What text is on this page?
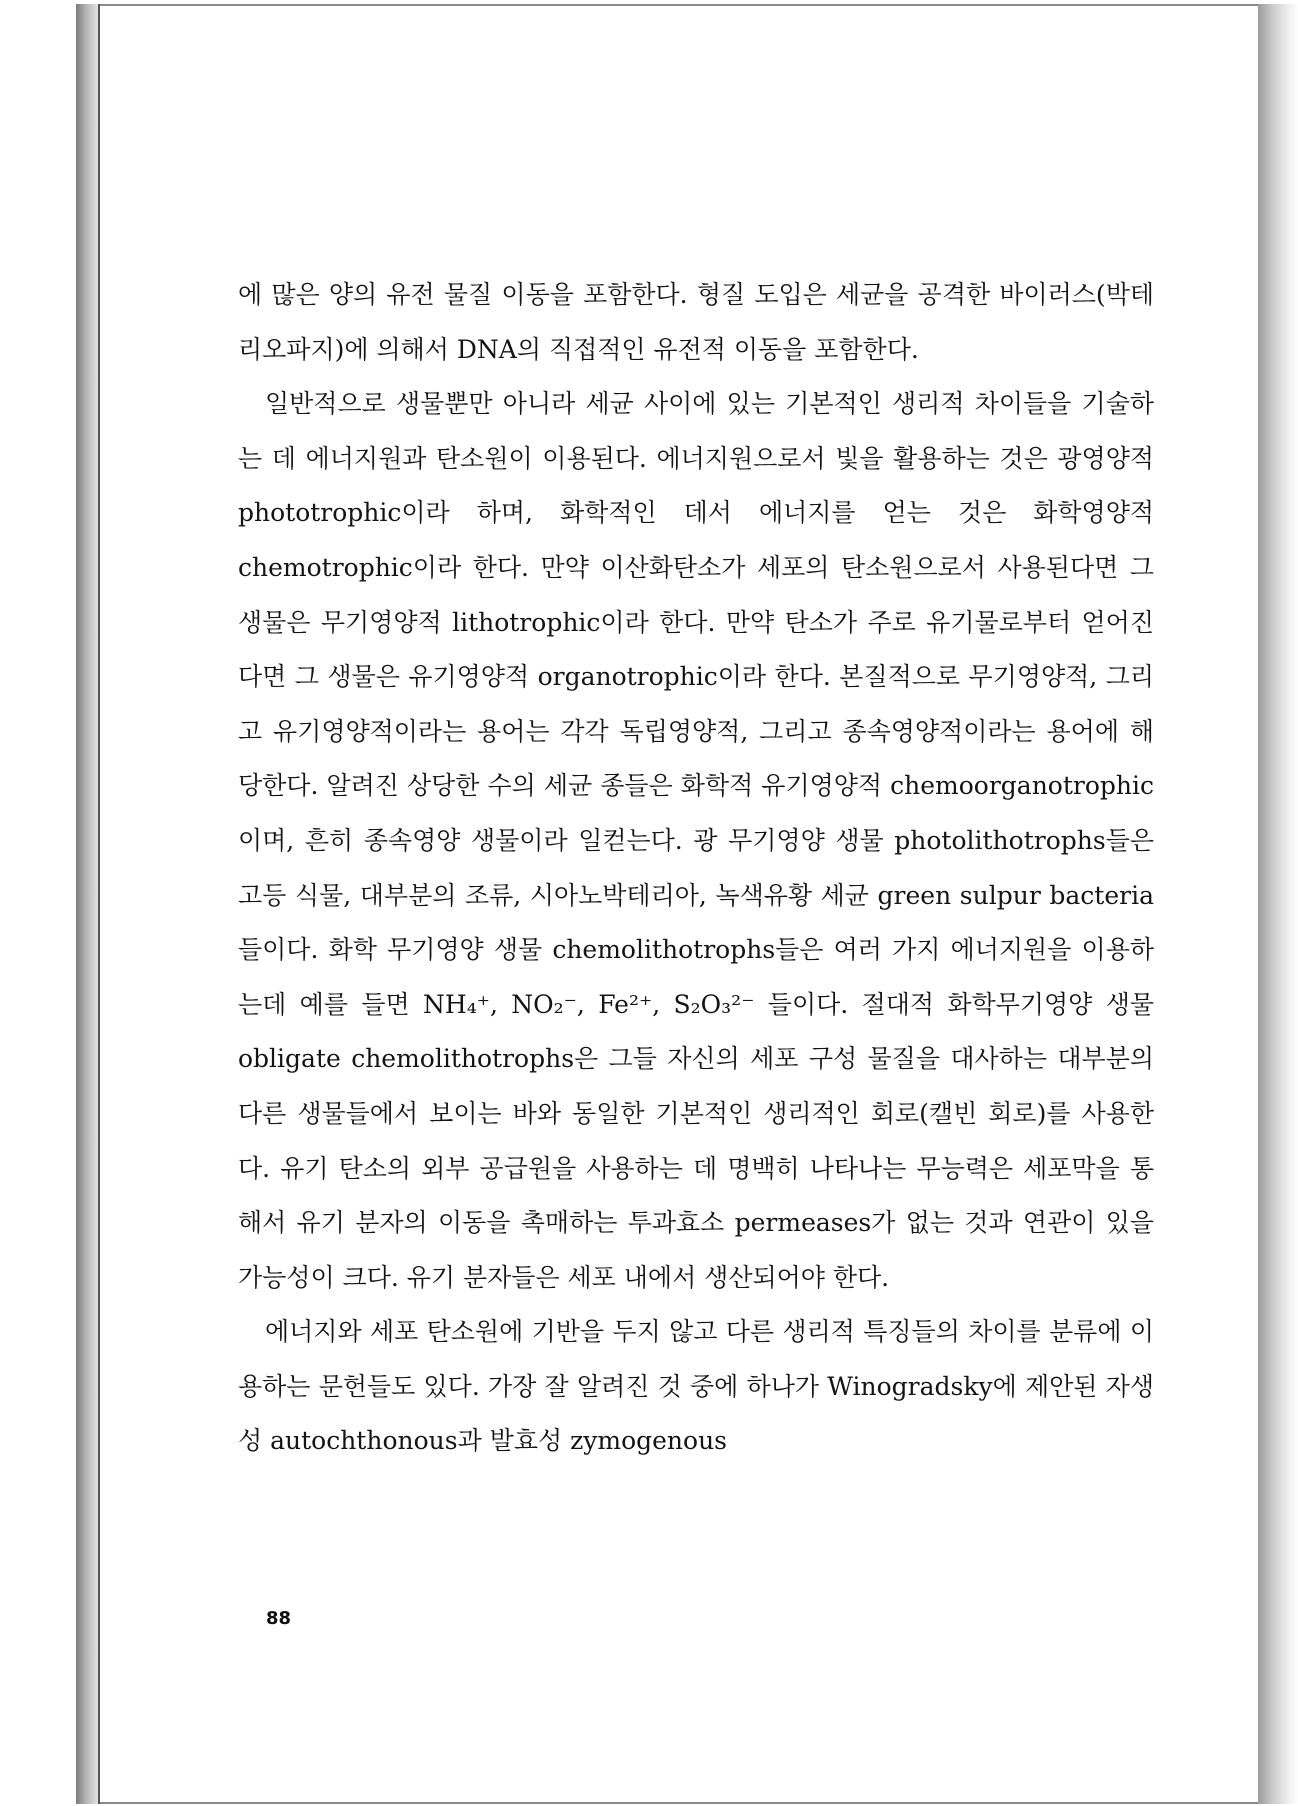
에 많은 양의 유전 물질 이동을 포함한다. 형질 도입은 세균을 공격한 바이러스(박테리오파지)에 의해서 DNA의 직접적인 유전적 이동을 포함한다.

일반적으로 생물뿐만 아니라 세균 사이에 있는 기본적인 생리적 차이들을 기술하는 데 에너지원과 탄소원이 이용된다. 에너지원으로서 빛을 활용하는 것은 광영양적 phototrophic이라 하며, 화학적인 데서 에너지를 얻는 것은 화학영양적 chemotrophic이라 한다. 만약 이산화탄소가 세포의 탄소원으로서 사용된다면 그 생물은 무기영양적 lithotrophic이라 한다. 만약 탄소가 주로 유기물로부터 얻어진다면 그 생물은 유기영양적 organotrophic이라 한다. 본질적으로 무기영양적, 그리고 유기영양적이라는 용어는 각각 독립영양적, 그리고 종속영양적이라는 용어에 해당한다. 알려진 상당한 수의 세균 종들은 화학적 유기영양적 chemoorganotrophic이며, 흔히 종속영양 생물이라 일컫는다. 광 무기영양 생물 photolithotrophs들은 고등 식물, 대부분의 조류, 시아노박테리아, 녹색유황 세균 green sulpur bacteria 들이다. 화학 무기영양 생물 chemolithotrophs들은 여러 가지 에너지원을 이용하는데 예를 들면 NH₄⁺, NO₂⁻, Fe²⁺, S₂O₃²⁻ 들이다. 절대적 화학무기영양 생물 obligate chemolithotrophs은 그들 자신의 세포 구성 물질을 대사하는 대부분의 다른 생물들에서 보이는 바와 동일한 기본적인 생리적인 회로(캘빈 회로)를 사용한다. 유기 탄소의 외부 공급원을 사용하는 데 명백히 나타나는 무능력은 세포막을 통해서 유기 분자의 이동을 촉매하는 투과효소 permeases가 없는 것과 연관이 있을 가능성이 크다. 유기 분자들은 세포 내에서 생산되어야 한다.

에너지와 세포 탄소원에 기반을 두지 않고 다른 생리적 특징들의 차이를 분류에 이용하는 문헌들도 있다. 가장 잘 알려진 것 중에 하나가 Winogradsky에 제안된 자생성 autochthonous과 발효성 zymogenous

88
